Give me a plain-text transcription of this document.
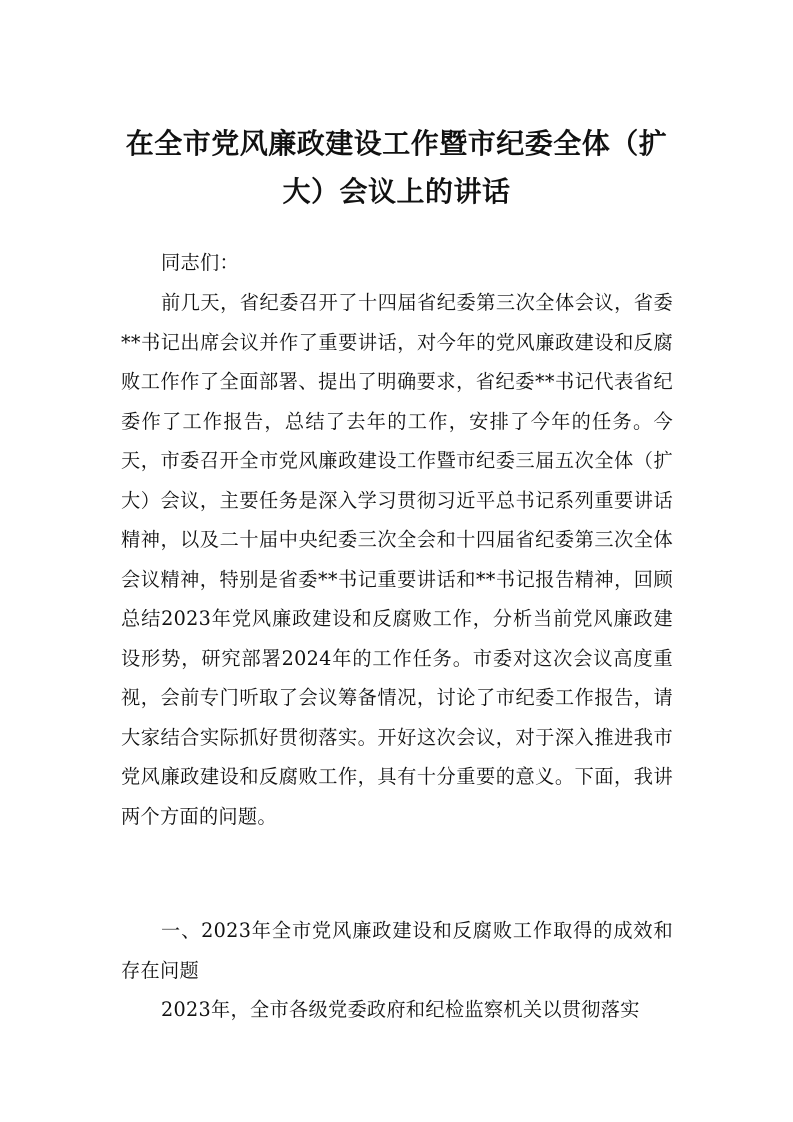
在全市党风廉政建设工作暨市纪委全体（扩大）会议上的讲话

同志们：

前几天，省纪委召开了十四届省纪委第三次全体会议，省委**书记出席会议并作了重要讲话，对今年的党风廉政建设和反腐败工作作了全面部署、提出了明确要求，省纪委**书记代表省纪委作了工作报告，总结了去年的工作，安排了今年的任务。今天，市委召开全市党风廉政建设工作暨市纪委三届五次全体（扩大）会议，主要任务是深入学习贯彻习近平总书记系列重要讲话精神，以及二十届中央纪委三次全会和十四届省纪委第三次全体会议精神，特别是省委**书记重要讲话和**书记报告精神，回顾总结2023年党风廉政建设和反腐败工作，分析当前党风廉政建设形势，研究部署2024年的工作任务。市委对这次会议高度重视，会前专门听取了会议筹备情况，讨论了市纪委工作报告，请大家结合实际抓好贯彻落实。开好这次会议，对于深入推进我市党风廉政建设和反腐败工作，具有十分重要的意义。下面，我讲两个方面的问题。

一、2023年全市党风廉政建设和反腐败工作取得的成效和存在问题

2023年，全市各级党委政府和纪检监察机关以贯彻落实
